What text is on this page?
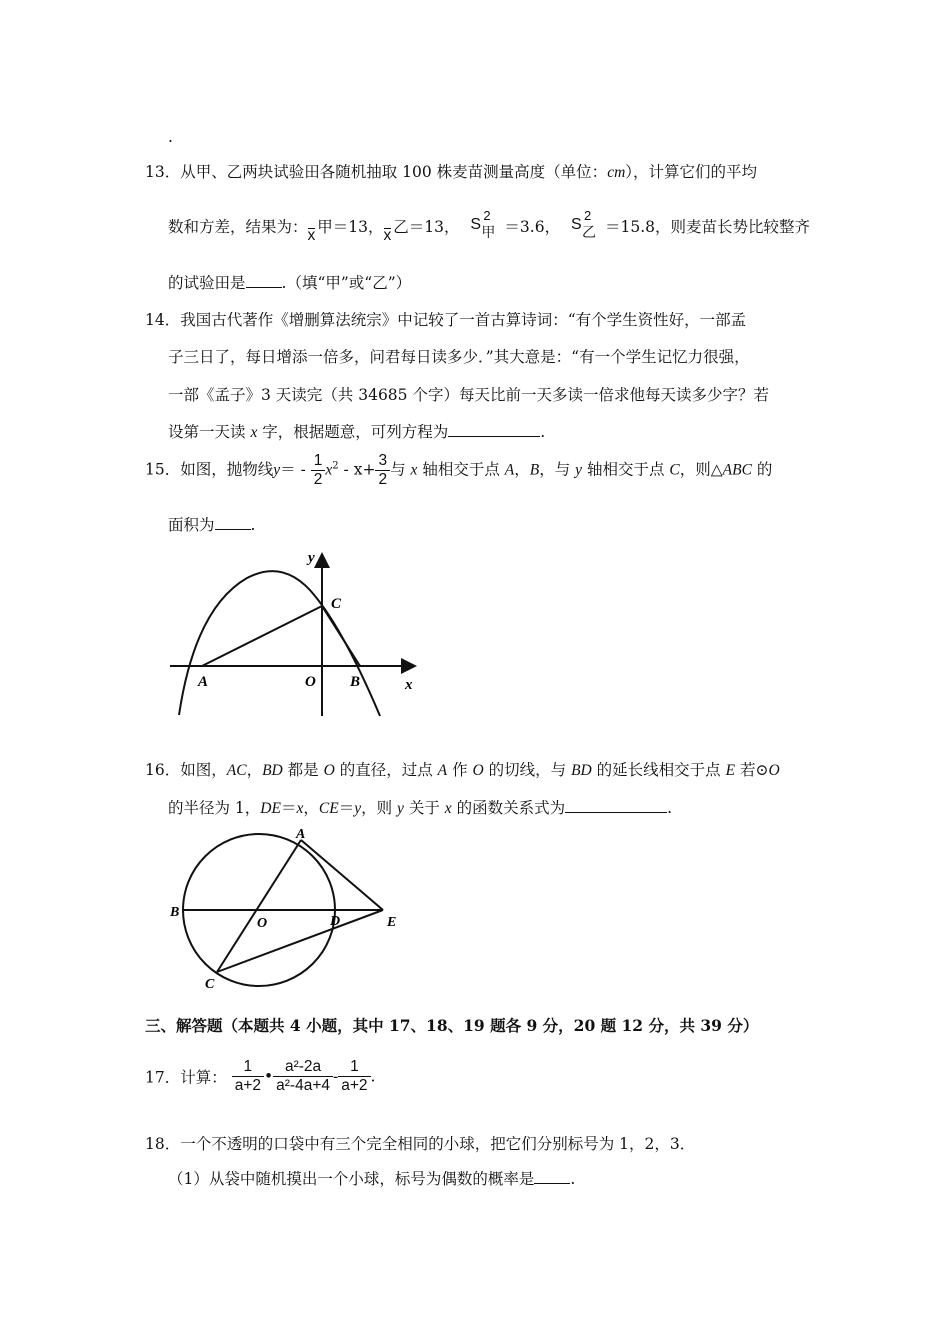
.
13．从甲、乙两块试验田各随机抽取 100 株麦苗测量高度（单位：cm），计算它们的平均
数和方差，结果为：x 甲＝13，x 乙＝13， S
2
甲 ＝3.6， S
2
乙 ＝15.8，则麦苗长势比较整齐
的试验田是 .（填“甲”或“乙”）
14．我国古代著作《增删算法统宗》中记较了一首古算诗词：“有个学生资性好，一部孟
子三日了，每日增添一倍多，问君每日读多少．”其大意是：“有一个学生记忆力很强，
一部《孟子》3 天读完（共 34685 个字）每天比前一天多读一倍求他每天读多少字？若
设第一天读 x 字，根据题意，可列方程为	.
15．如图，抛物线$y= - \frac{1}{2} x^2 - x+ \frac{3}{2}$ 与 x 轴相交于点 A，B，与 y 轴相交于点 C，则△ABC 的
面积为 .
y
C
A	O B	x
16．如图，AC，BD 都是 O 的直径，过点 A 作 O 的切线，与 BD 的延长线相交于点 E 若⊙O
的半径为 1，DE＝x，CE＝y，则 y 关于 x 的函数关系式为	.
A
B
O	D	E
C
三、解答题（本题共 4 小题，其中 17、18、19 题各 9 分，20 题 12 分，共 39 分）
17．计算： $\frac{1}{a+2}$ • $\frac{\text{a²-2a}}{\text{a²-4a+4}} - \frac{1}{a+2}$ .
18．一个不透明的口袋中有三个完全相同的小球，把它们分别标号为 1，2，3．
（1）从袋中随机摸出一个小球，标号为偶数的概率是 .
